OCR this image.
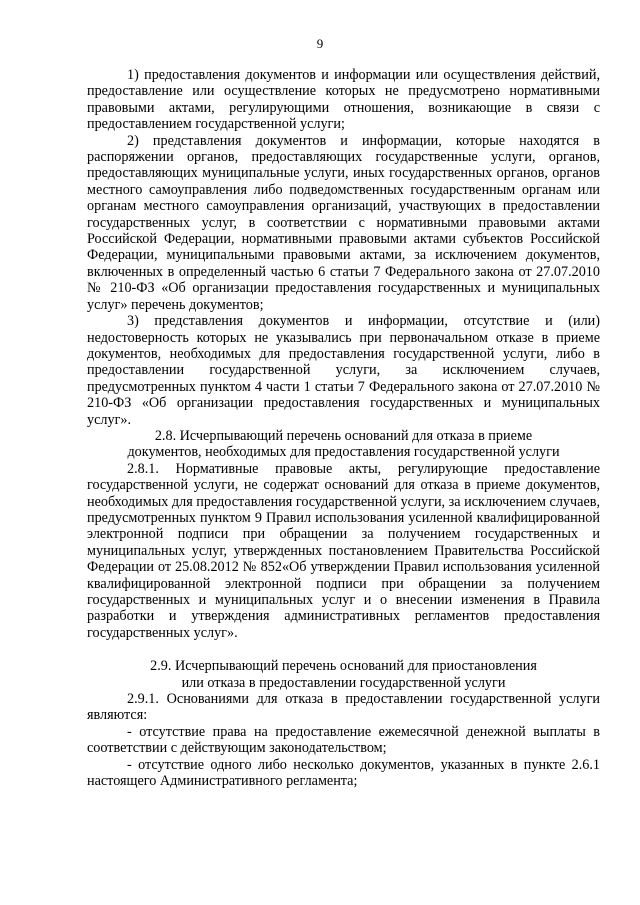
9

1) предоставления документов и информации или осуществления действий, предоставление или осуществление которых не предусмотрено нормативными правовыми актами, регулирующими отношения, возникающие в связи с предоставлением государственной услуги;

2) представления документов и информации, которые находятся в распоряжении органов, предоставляющих государственные услуги, органов, предоставляющих муниципальные услуги, иных государственных органов, органов местного самоуправления либо подведомственных государственным органам или органам местного самоуправления организаций, участвующих в предоставлении государственных услуг, в соответствии с нормативными правовыми актами Российской Федерации, нормативными правовыми актами субъектов Российской Федерации, муниципальными правовыми актами, за исключением документов, включенных в определенный частью 6 статьи 7 Федерального закона от 27.07.2010 № 210-ФЗ «Об организации предоставления государственных и муниципальных услуг» перечень документов;

3) представления документов и информации, отсутствие и (или) недостоверность которых не указывались при первоначальном отказе в приеме документов, необходимых для предоставления государственной услуги, либо в предоставлении государственной услуги, за исключением случаев, предусмотренных пунктом 4 части 1 статьи 7 Федерального закона от 27.07.2010 № 210-ФЗ «Об организации предоставления государственных и муниципальных услуг».

2.8. Исчерпывающий перечень оснований для отказа в приеме

документов, необходимых для предоставления государственной услуги

2.8.1. Нормативные правовые акты, регулирующие предоставление государственной услуги, не содержат оснований для отказа в приеме документов, необходимых для предоставления государственной услуги, за исключением случаев, предусмотренных пунктом 9 Правил использования усиленной квалифицированной электронной подписи при обращении за получением государственных и муниципальных услуг, утвержденных постановлением Правительства Российской Федерации от 25.08.2012 № 852«Об утверждении Правил использования усиленной квалифицированной электронной подписи при обращении за получением государственных и муниципальных услуг и о внесении изменения в Правила разработки и утверждения административных регламентов предоставления государственных услуг».

2.9. Исчерпывающий перечень оснований для приостановления

или отказа в предоставлении государственной услуги

2.9.1. Основаниями для отказа в предоставлении государственной услуги являются:

- отсутствие права на предоставление ежемесячной денежной выплаты в соответствии с действующим законодательством;

- отсутствие одного либо несколько документов, указанных в пункте 2.6.1 настоящего Административного регламента;
